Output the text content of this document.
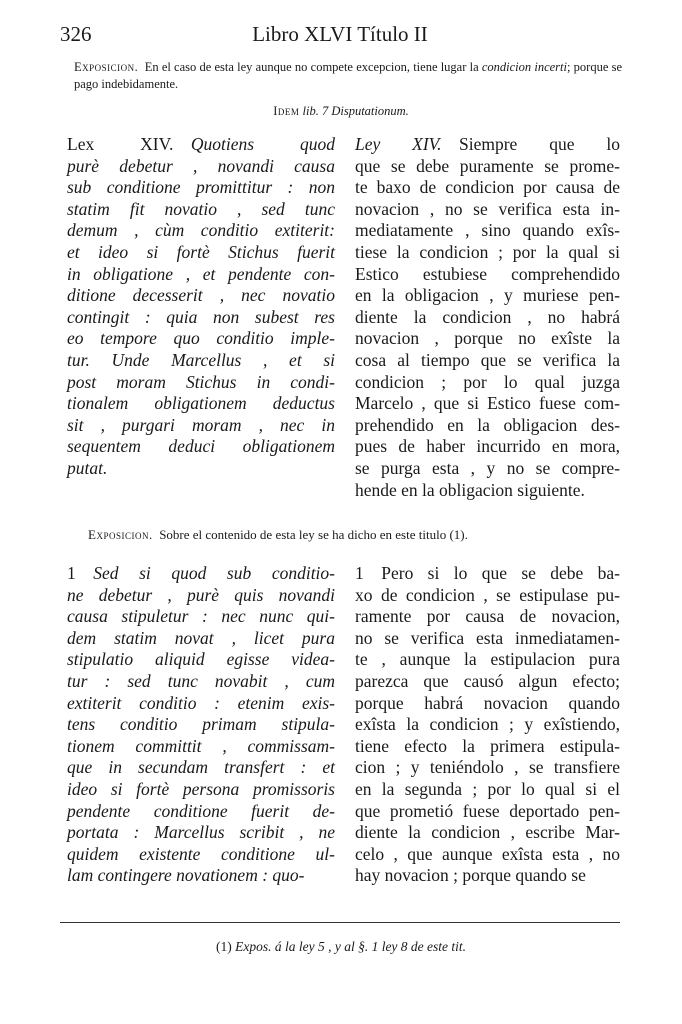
326	Libro XLVI Título II
Exposicion. En el caso de esta ley aunque no compete excepcion, tiene lugar la condicion incerti; porque se pago indebidamente.
Idem lib. 7 Disputationum.
Lex XIV.  Quotiens quod
purè debetur , novandi causa
sub conditione promittitur : non
statim fit novatio , sed tunc
demum , cùm conditio extiterit:
et ideo si fortè Stichus fuerit
in obligatione , et pendente con-
ditione decesserit , nec novatio
contingit : quia non subest res
eo tempore quo conditio imple-
tur. Unde Marcellus , et si
post moram Stichus in condi-
tionalem obligationem deductus
sit , purgari moram , nec in
sequentem deduci obligationem
putat.
Ley XIV.  Siempre que lo
que se debe puramente se prome-
te baxo de condicion por causa de
novacion , no se verifica esta in-
mediatamente , sino quando exîs-
tiese la condicion ; por la qual si
Estico estubiese comprehendido
en la obligacion , y muriese pen-
diente la condicion , no habrá
novacion , porque no exîste la
cosa al tiempo que se verifica la
condicion ; por lo qual juzga
Marcelo , que si Estico fuese com-
prehendido en la obligacion des-
pues de haber incurrido en mora,
se purga esta , y no se compre-
hende en la obligacion siguiente.
Exposicion. Sobre el contenido de esta ley se ha dicho en este titulo (1).
1  Sed si quod sub conditio-
ne debetur , purè quis novandi
causa stipuletur : nec nunc qui-
dem statim novat , licet pura
stipulatio aliquid egisse videa-
tur : sed tunc novabit , cum
extiterit conditio : etenim exis-
tens conditio primam stipula-
tionem committit , commissam-
que in secundam transfert : et
ideo si fortè persona promissoris
pendente conditione fuerit de-
portata : Marcellus scribit , ne
quidem existente conditione ul-
lam contingere novationem : quo-
1  Pero si lo que se debe ba-
xo de condicion , se estipulase pu-
ramente por causa de novacion,
no se verifica esta inmediatamen-
te , aunque la estipulacion pura
parezca que causó algun efecto;
porque habrá novacion quando
exîsta la condicion ; y exîstiendo,
tiene efecto la primera estipula-
cion ; y teniéndolo , se transfiere
en la segunda ; por lo qual si el
que prometió fuese deportado pen-
diente la condicion , escribe Mar-
celo , que aunque exîsta esta , no
hay novacion ; porque quando se
(1) Expos. á la ley 5 , y al §. 1 ley 8 de este tit.
